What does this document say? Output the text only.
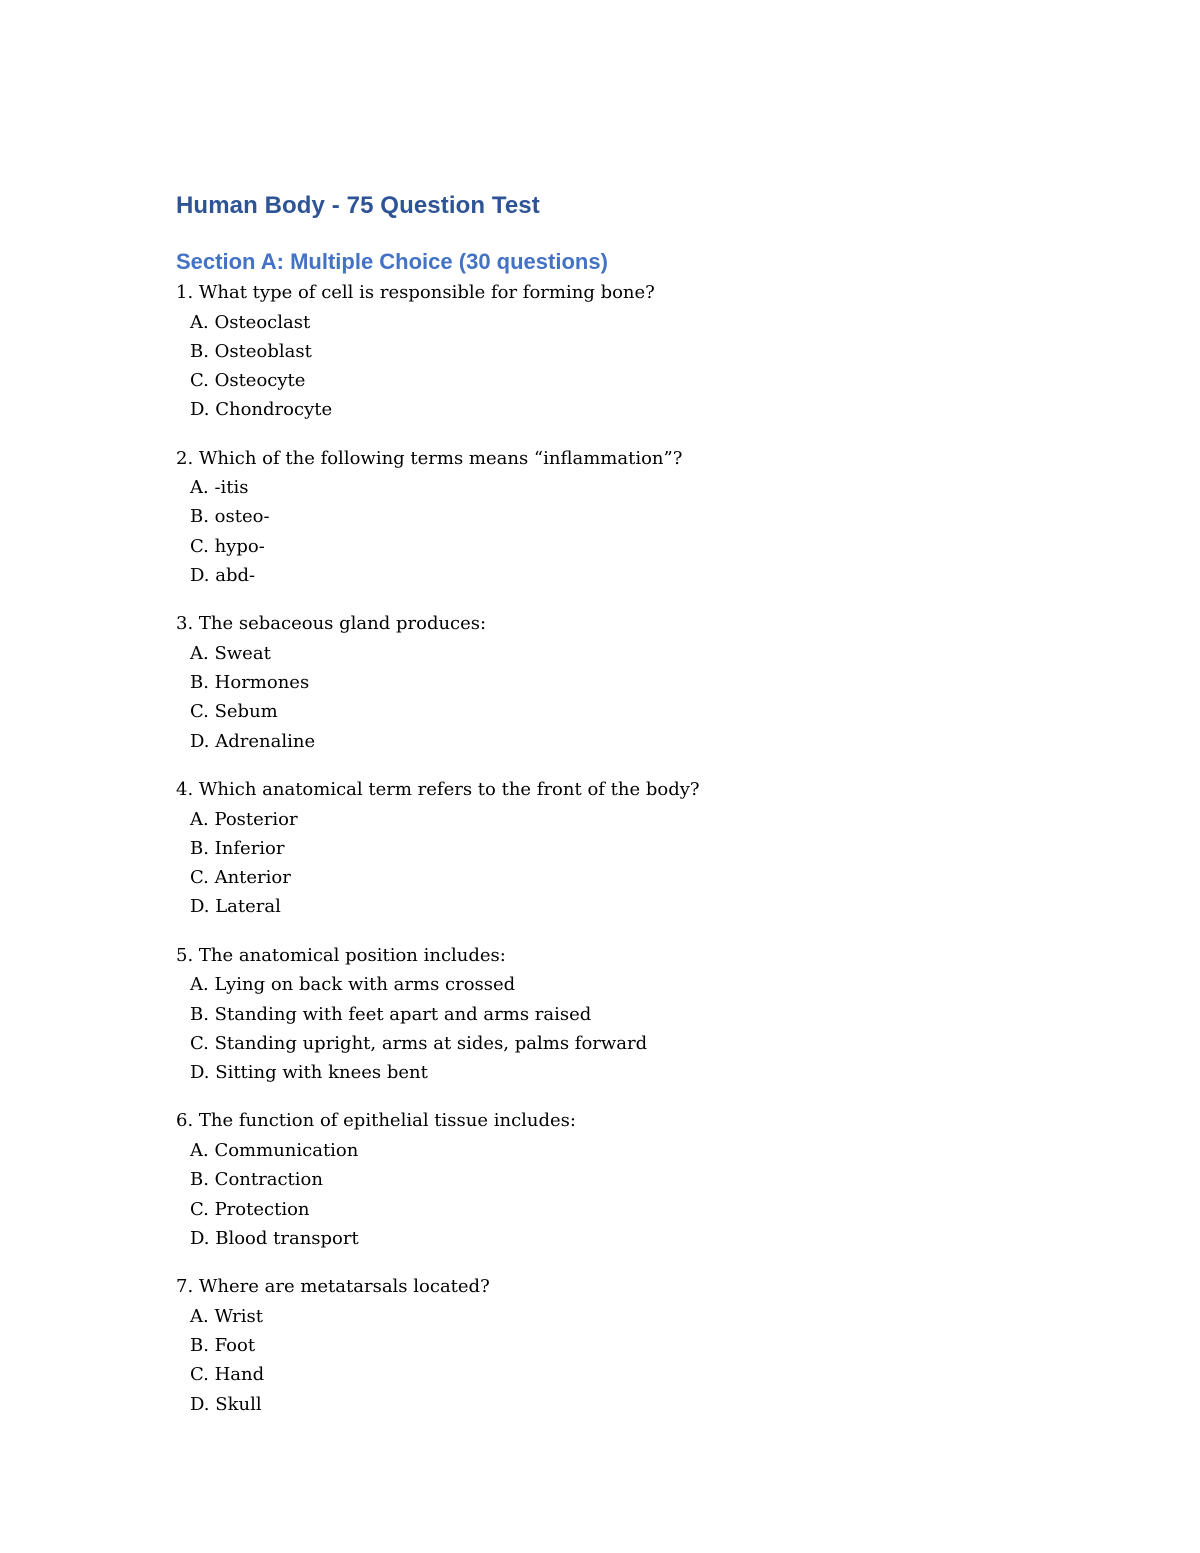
Human Body - 75 Question Test
Section A: Multiple Choice (30 questions)

1. What type of cell is responsible for forming bone?

A. Osteoclast
B. Osteoblast
C. Osteocyte
D. Chondrocyte

2. Which of the following terms means “inflammation”?

A. -itis
B. osteo-
C. hypo-
D. abd-

3. The sebaceous gland produces:

A. Sweat
B. Hormones
C. Sebum
D. Adrenaline

4. Which anatomical term refers to the front of the body?

A. Posterior
B. Inferior
C. Anterior
D. Lateral

5. The anatomical position includes:

A. Lying on back with arms crossed
B. Standing with feet apart and arms raised
C. Standing upright, arms at sides, palms forward
D. Sitting with knees bent

6. The function of epithelial tissue includes:

A. Communication
B. Contraction
C. Protection
D. Blood transport

7. Where are metatarsals located?

A. Wrist
B. Foot
C. Hand
D. Skull
